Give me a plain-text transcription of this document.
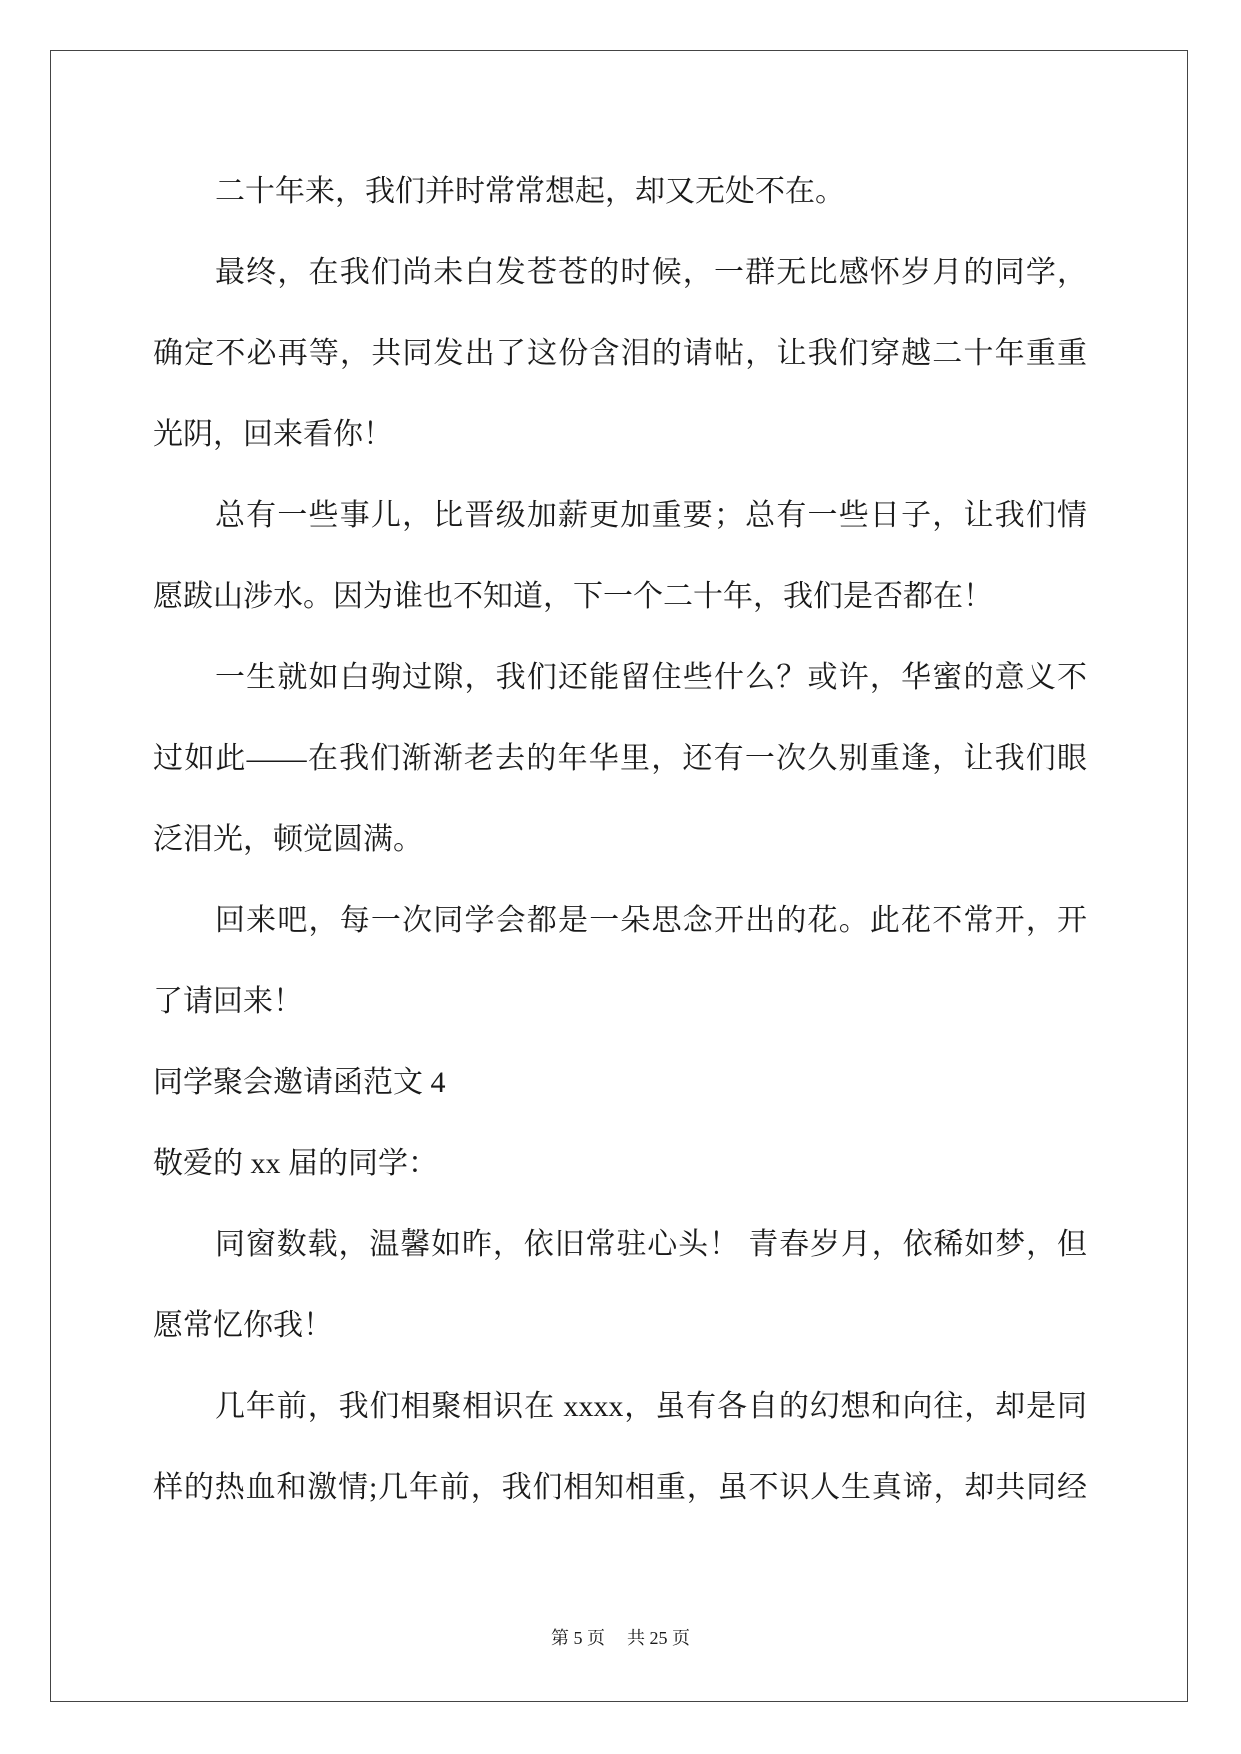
二十年来，我们并时常常想起，却又无处不在。
最终，在我们尚未白发苍苍的时候，一群无比感怀岁月的同学，
确定不必再等，共同发出了这份含泪的请帖，让我们穿越二十年重重
光阴，回来看你！
总有一些事儿，比晋级加薪更加重要；总有一些日子，让我们情
愿跋山涉水。因为谁也不知道，下一个二十年，我们是否都在！
一生就如白驹过隙，我们还能留住些什么？或许，华蜜的意义不
过如此——在我们渐渐老去的年华里，还有一次久别重逢，让我们眼
泛泪光，顿觉圆满。
回来吧，每一次同学会都是一朵思念开出的花。此花不常开，开
了请回来！
同学聚会邀请函范文 4
敬爱的 xx 届的同学：
同窗数载，温馨如昨，依旧常驻心头！ 青春岁月，依稀如梦，但
愿常忆你我！
几年前，我们相聚相识在 xxxx，虽有各自的幻想和向往，却是同
样的热血和激情;几年前，我们相知相重，虽不识人生真谛，却共同经
第 5 页 共 25 页
